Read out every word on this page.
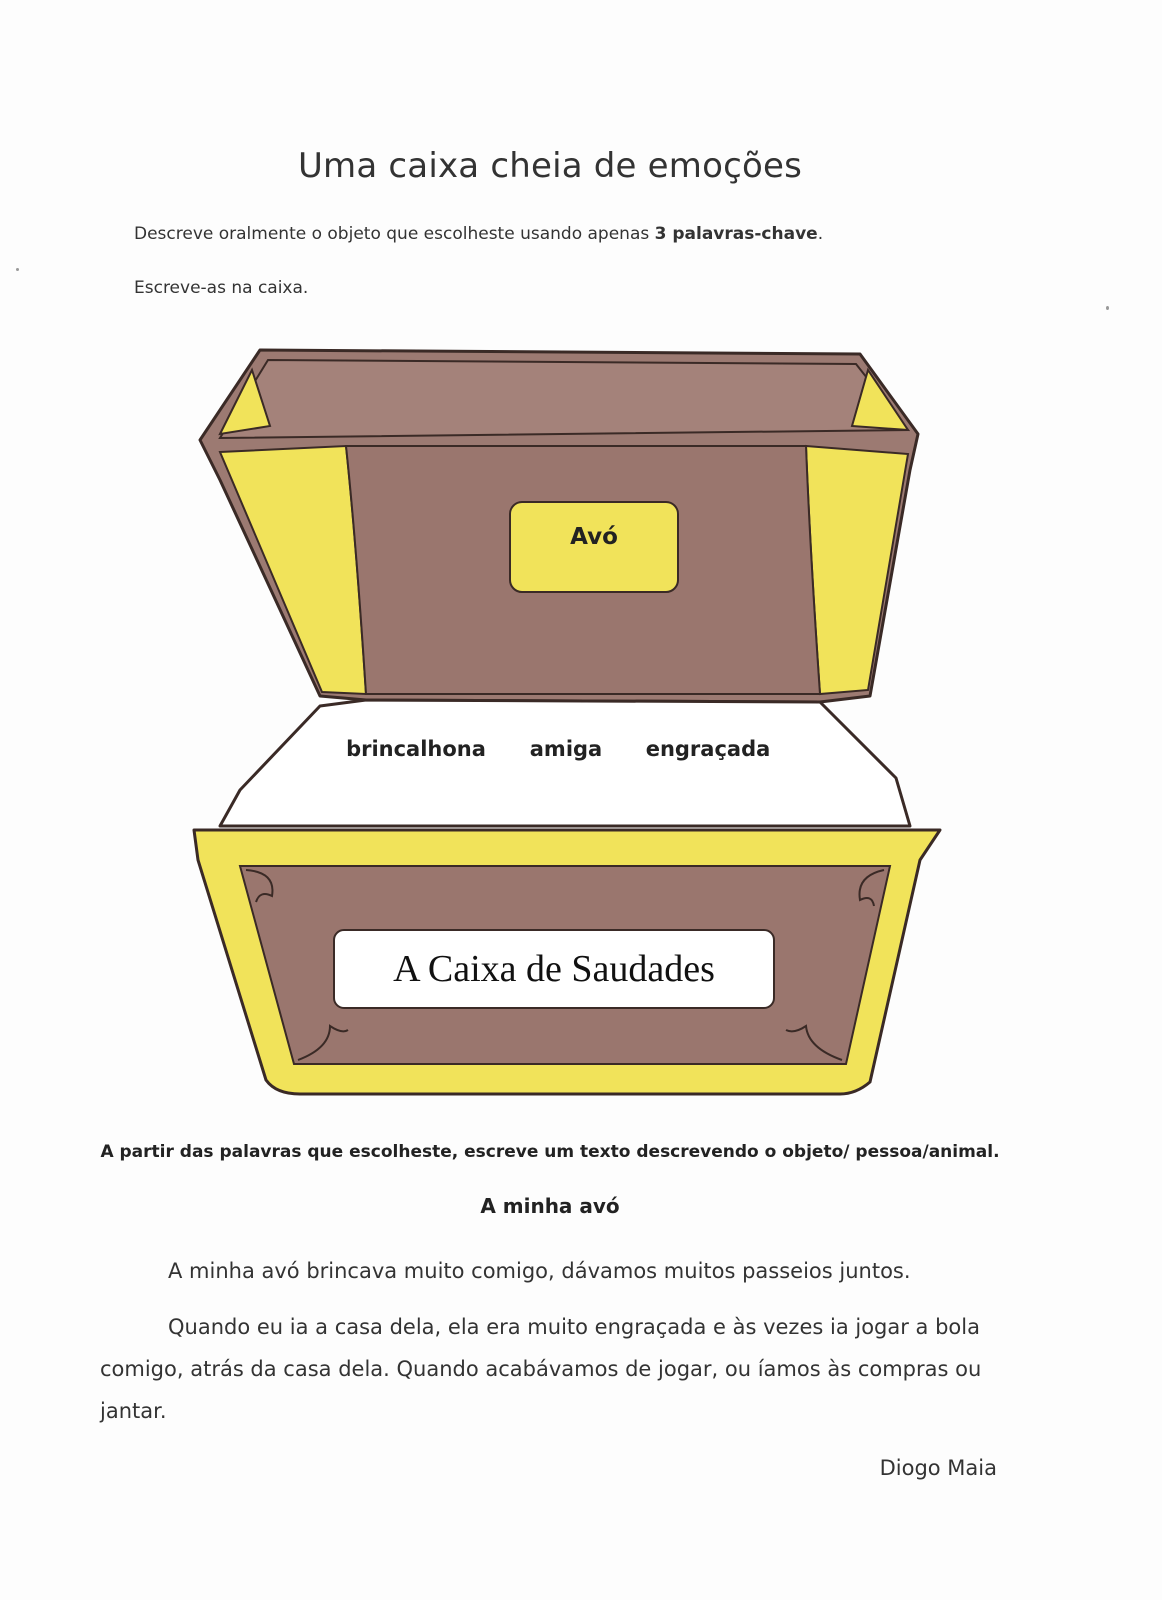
Uma caixa cheia de emoções
Descreve oralmente o objeto que escolheste usando apenas 3 palavras-chave.
Escreve-as na caixa.
Avó
brincalhona amiga engraçada
A Caixa de Saudades
A partir das palavras que escolheste, escreve um texto descrevendo o objeto/ pessoa/animal.
A minha avó
A minha avó brincava muito comigo, dávamos muitos passeios juntos.
Quando eu ia a casa dela, ela era muito engraçada e às vezes ia jogar a bola comigo, atrás da casa dela. Quando acabávamos de jogar, ou íamos às compras ou jantar.
Diogo Maia
